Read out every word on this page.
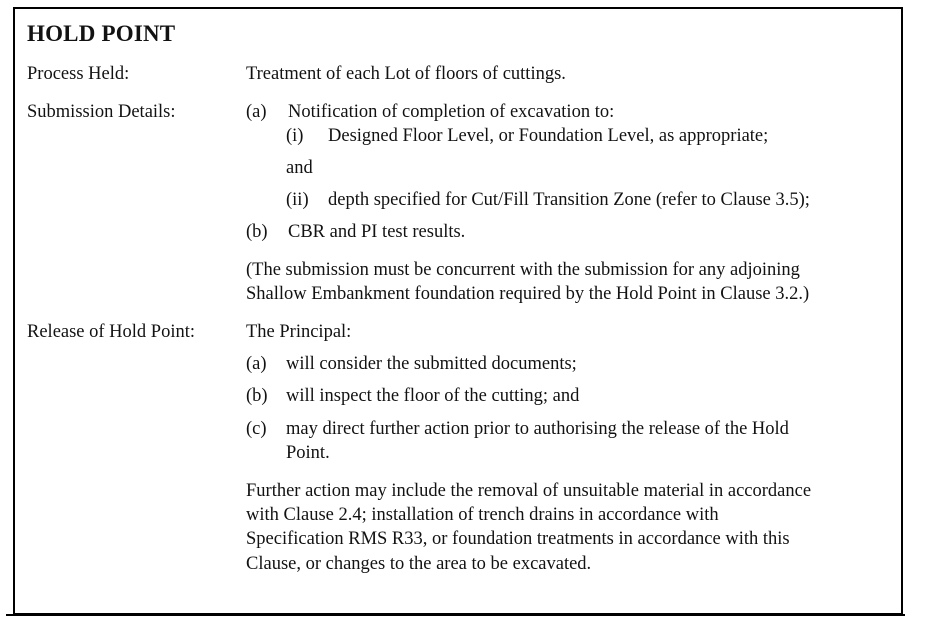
HOLD POINT
Process Held:	Treatment of each Lot of floors of cuttings.
Submission Details:	(a)	Notification of completion of excavation to:
(i)	Designed Floor Level, or Foundation Level, as appropriate;
and
(ii)	depth specified for Cut/Fill Transition Zone (refer to Clause 3.5);
(b)	CBR and PI test results.
(The submission must be concurrent with the submission for any adjoining
Shallow Embankment foundation required by the Hold Point in Clause 3.2.)
Release of Hold Point:	The Principal:
(a)	will consider the submitted documents;
(b) will inspect the floor of the cutting; and
(c)	may direct further action prior to authorising the release of the Hold
Point.
Further action may include the removal of unsuitable material in accordance
with Clause 2.4; installation of trench drains in accordance with
Specification RMS R33, or foundation treatments in accordance with this
Clause, or changes to the area to be excavated.
